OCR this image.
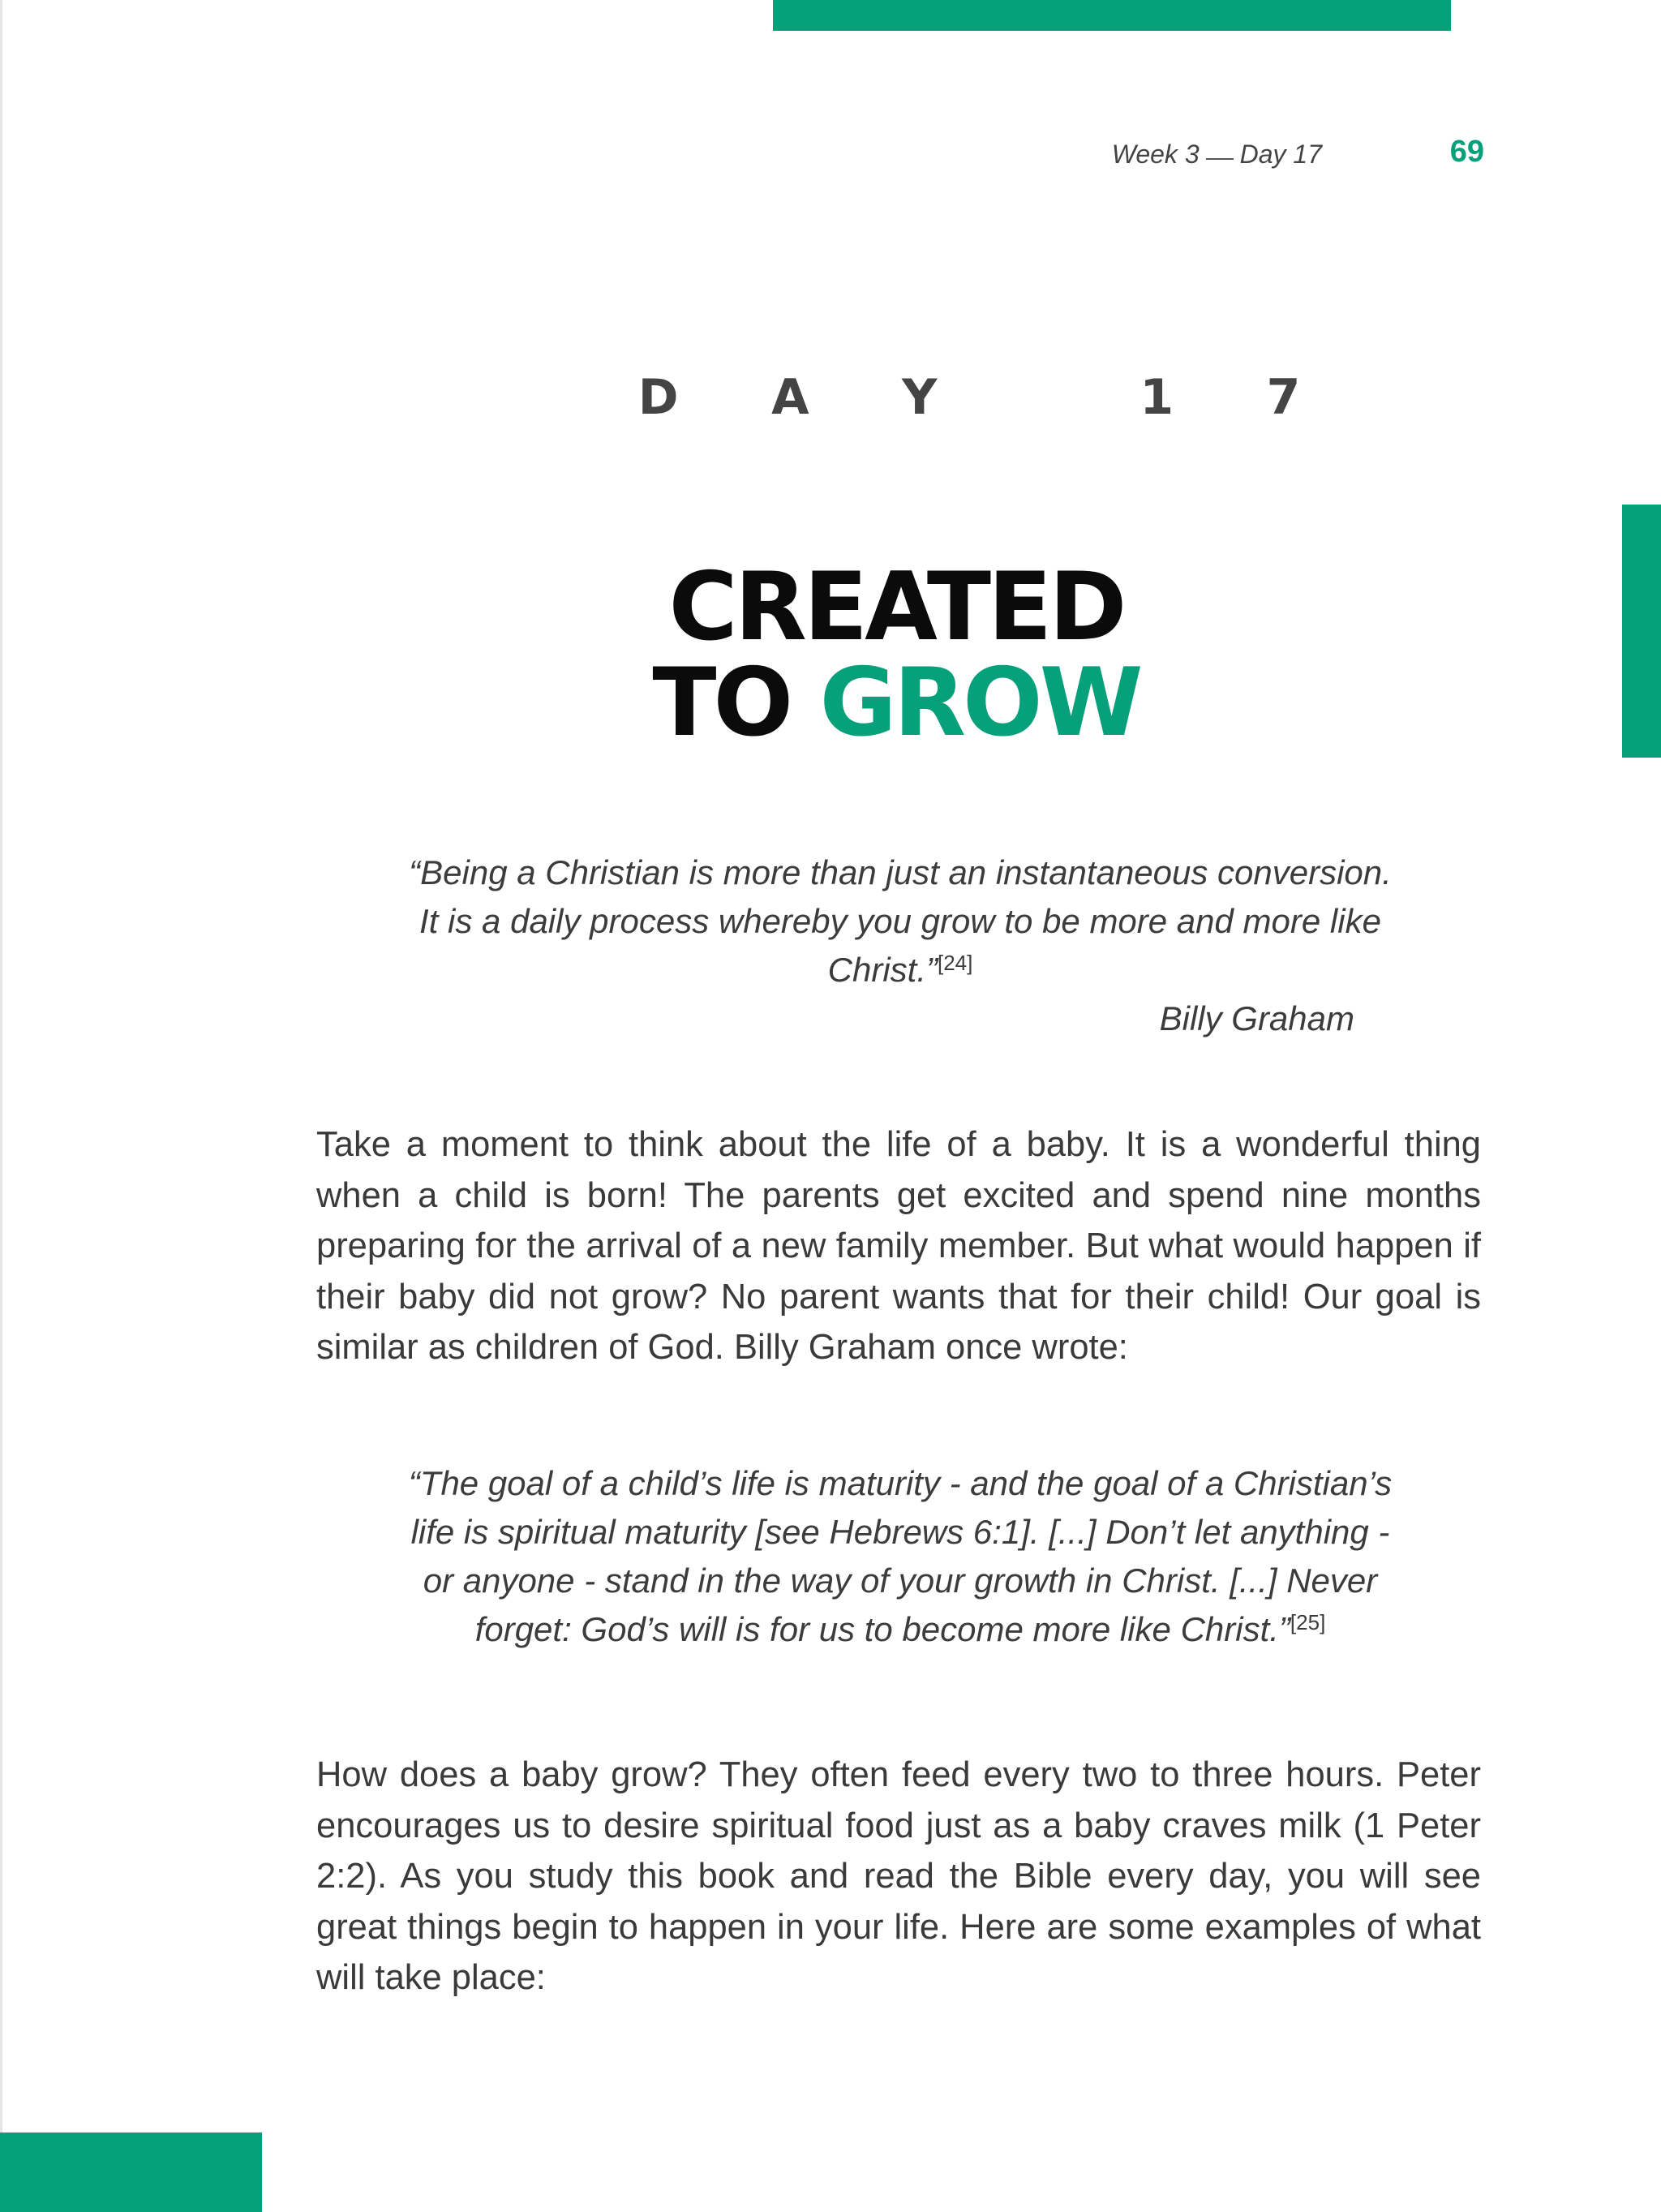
Week 3 Day 17	69
D A Y   1 7
CREATED
TO GROW
“Being a Christian is more than just an instantaneous conversion. It is a daily process whereby you grow to be more and more like Christ.”[24]
Billy Graham

Take a moment to think about the life of a baby. It is a wonderful thing when a child is born! The parents get excited and spend nine months preparing for the arrival of a new family member. But what would happen if their baby did not grow? No parent wants that for their child! Our goal is similar as children of God. Billy Graham once wrote:

“The goal of a child’s life is maturity - and the goal of a Christian’s life is spiritual maturity [see Hebrews 6:1]. [...] Don’t let anything - or anyone - stand in the way of your growth in Christ. [...] Never forget: God’s will is for us to become more like Christ.”[25]

How does a baby grow? They often feed every two to three hours. Peter encourages us to desire spiritual food just as a baby craves milk (1 Peter 2:2). As you study this book and read the Bible every day, you will see great things begin to happen in your life. Here are some examples of what will take place:
